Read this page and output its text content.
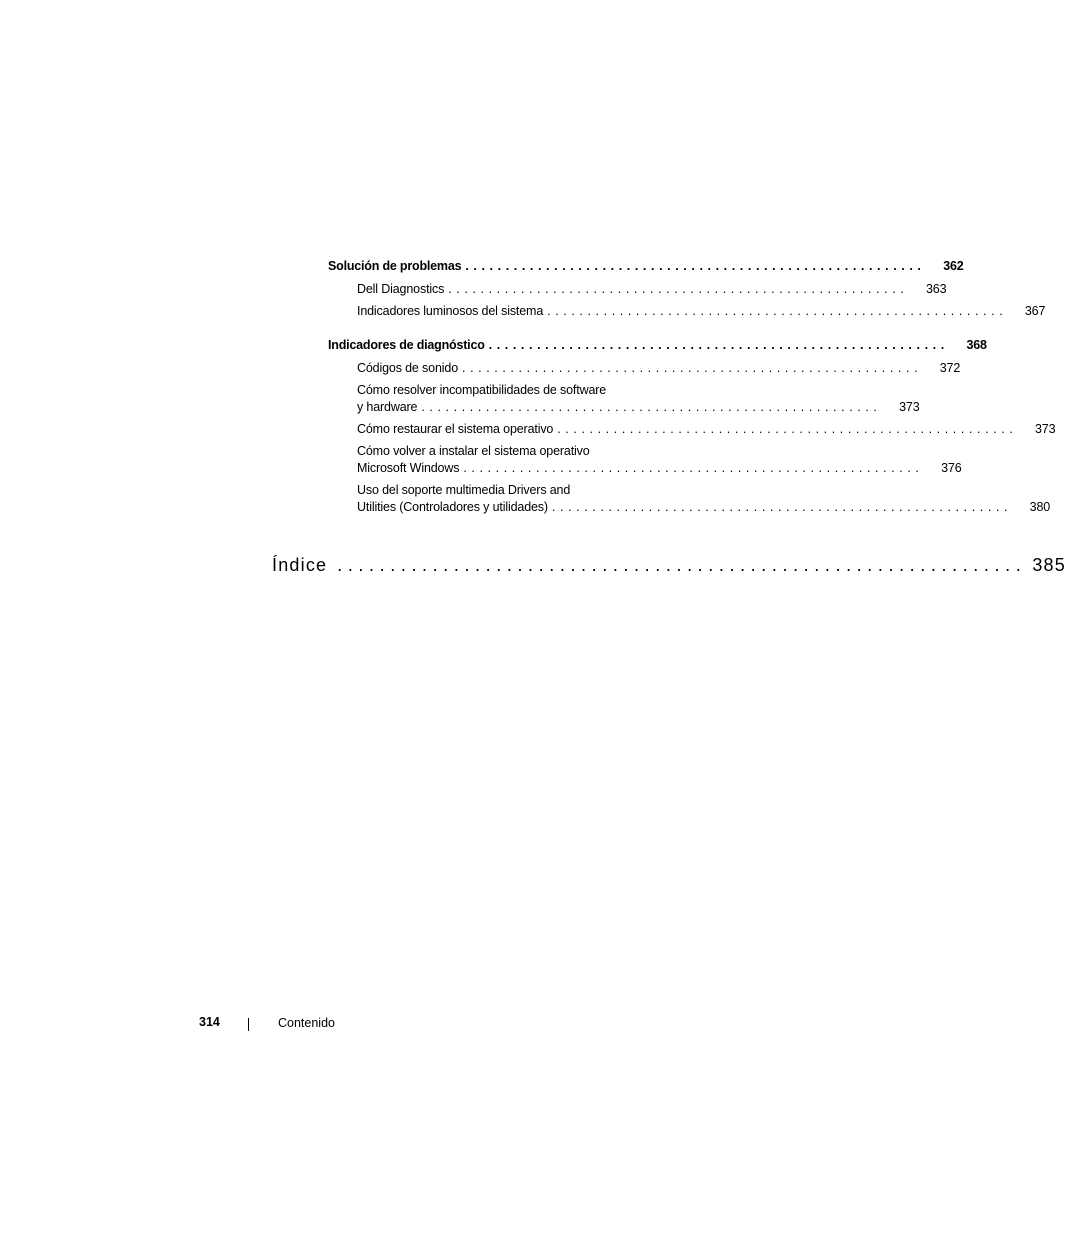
Solución de problemas .........................................................	362
Dell Diagnostics .........................................................	363
Indicadores luminosos del sistema .........................................................	367
Indicadores de diagnóstico .........................................................	368
Códigos de sonido .........................................................	372
Cómo resolver incompatibilidades de software
y hardware .........................................................	373
Cómo restaurar el sistema operativo .........................................................	373
Cómo volver a instalar el sistema operativo
Microsoft Windows .........................................................	376
Uso del soporte multimedia Drivers and
Utilities (Controladores y utilidades) .........................................................	380
Índice ................................................................. 385
314	Contenido
